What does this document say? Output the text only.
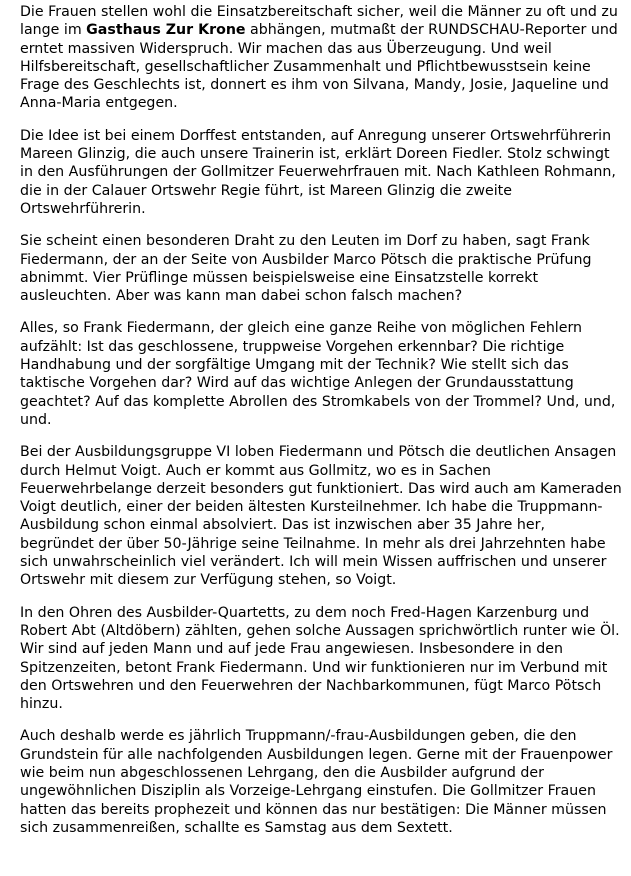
Die Frauen stellen wohl die Einsatzbereitschaft sicher, weil die Männer zu oft und zu lange im Gasthaus Zur Krone abhängen, mutmaßt der RUNDSCHAU-Reporter und erntet massiven Widerspruch. Wir machen das aus Überzeugung. Und weil Hilfsbereitschaft, gesellschaftlicher Zusammenhalt und Pflichtbewusstsein keine Frage des Geschlechts ist, donnert es ihm von Silvana, Mandy, Josie, Jaqueline und Anna-Maria entgegen.

Die Idee ist bei einem Dorffest entstanden, auf Anregung unserer Ortswehrführerin Mareen Glinzig, die auch unsere Trainerin ist, erklärt Doreen Fiedler. Stolz schwingt in den Ausführungen der Gollmitzer Feuerwehrfrauen mit. Nach Kathleen Rohmann, die in der Calauer Ortswehr Regie führt, ist Mareen Glinzig die zweite Ortswehrführerin.

Sie scheint einen besonderen Draht zu den Leuten im Dorf zu haben, sagt Frank Fiedermann, der an der Seite von Ausbilder Marco Pötsch die praktische Prüfung abnimmt. Vier Prüflinge müssen beispielsweise eine Einsatzstelle korrekt ausleuchten. Aber was kann man dabei schon falsch machen?

Alles, so Frank Fiedermann, der gleich eine ganze Reihe von möglichen Fehlern aufzählt: Ist das geschlossene, truppweise Vorgehen erkennbar? Die richtige Handhabung und der sorgfältige Umgang mit der Technik? Wie stellt sich das taktische Vorgehen dar? Wird auf das wichtige Anlegen der Grundausstattung geachtet? Auf das komplette Abrollen des Stromkabels von der Trommel? Und, und, und.

Bei der Ausbildungsgruppe VI loben Fiedermann und Pötsch die deutlichen Ansagen durch Helmut Voigt. Auch er kommt aus Gollmitz, wo es in Sachen Feuerwehrbelange derzeit besonders gut funktioniert. Das wird auch am Kameraden Voigt deutlich, einer der beiden ältesten Kursteilnehmer. Ich habe die Truppmann-Ausbildung schon einmal absolviert. Das ist inzwischen aber 35 Jahre her, begründet der über 50-Jährige seine Teilnahme. In mehr als drei Jahrzehnten habe sich unwahrscheinlich viel verändert. Ich will mein Wissen auffrischen und unserer Ortswehr mit diesem zur Verfügung stehen, so Voigt.

In den Ohren des Ausbilder-Quartetts, zu dem noch Fred-Hagen Karzenburg und Robert Abt (Altdöbern) zählten, gehen solche Aussagen sprichwörtlich runter wie Öl. Wir sind auf jeden Mann und auf jede Frau angewiesen. Insbesondere in den Spitzenzeiten, betont Frank Fiedermann. Und wir funktionieren nur im Verbund mit den Ortswehren und den Feuerwehren der Nachbarkommunen, fügt Marco Pötsch hinzu.

Auch deshalb werde es jährlich Truppmann/-frau-Ausbildungen geben, die den Grundstein für alle nachfolgenden Ausbildungen legen. Gerne mit der Frauenpower wie beim nun abgeschlossenen Lehrgang, den die Ausbilder aufgrund der ungewöhnlichen Disziplin als Vorzeige-Lehrgang einstufen. Die Gollmitzer Frauen hatten das bereits prophezeit und können das nur bestätigen: Die Männer müssen sich zusammenreißen, schallte es Samstag aus dem Sextett.
